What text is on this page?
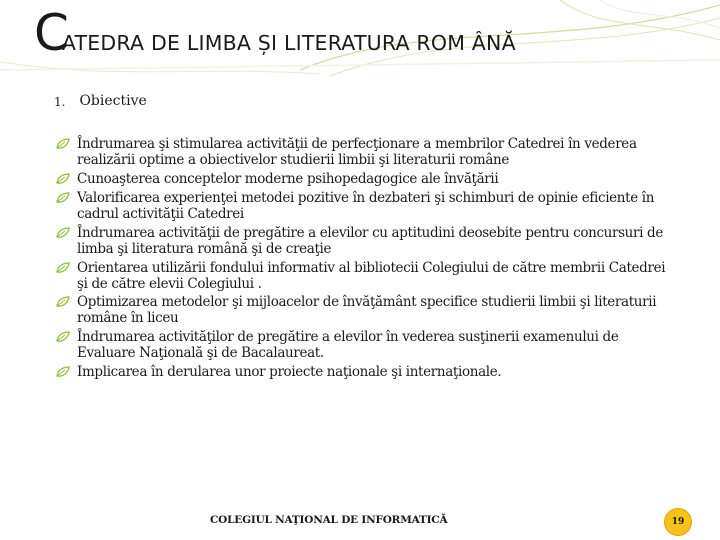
CATEDRA DE LIMBA ȘI LITERATURA ROM ÂNĂ
1. Obiective
Îndrumarea şi stimularea activităţii de perfecţionare a membrilor Catedrei în vederea realizării optime a obiectivelor studierii limbii şi literaturii române
Cunoaşterea conceptelor moderne psihopedagogice ale învăţării
Valorificarea experienţei metodei pozitive în dezbateri şi schimburi de opinie eficiente în cadrul activităţii Catedrei
Îndrumarea activităţii de pregătire a elevilor cu aptitudini deosebite pentru concursuri de limba şi literatura română şi de creaţie
Orientarea utilizării fondului informativ al bibliotecii Colegiului de către membrii Catedrei şi de către elevii Colegiului .
Optimizarea metodelor şi mijloacelor de învăţământ specifice studierii limbii şi literaturii române în liceu
Îndrumarea activităţilor de pregătire a elevilor în vederea susţinerii examenului de Evaluare Naţională şi de Bacalaureat.
Implicarea în derularea unor proiecte naţionale şi internaţionale.
COLEGIUL NAŢIONAL DE INFORMATICĂ	19
